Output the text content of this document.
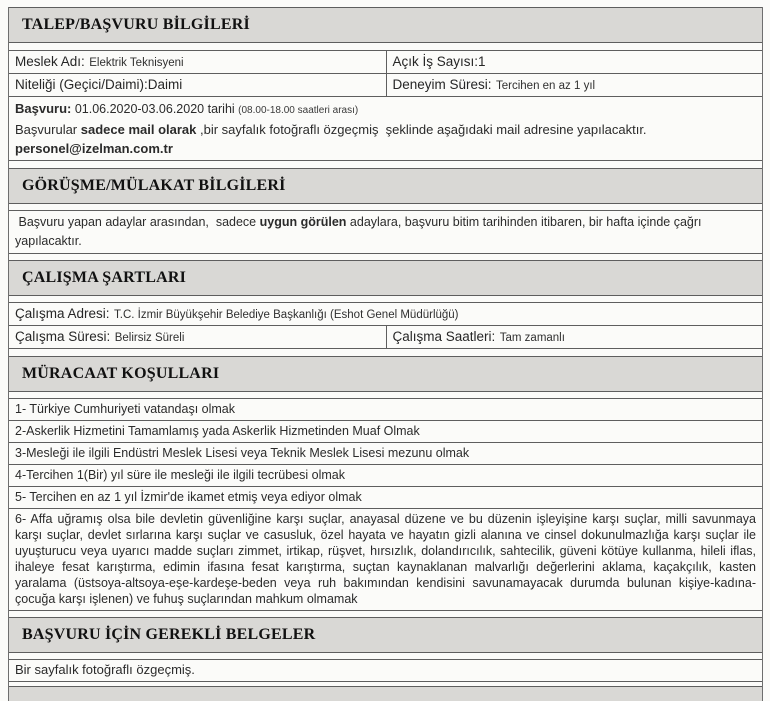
TALEP/BAŞVURU BİLGİLERİ
Meslek Adı: Elektrik Teknisyeni	Açık İş Sayısı:1
Niteliği (Geçici/Daimi):Daimi	Deneyim Süresi: Tercihen en az 1 yıl
Başvuru: 01.06.2020-03.06.2020 tarihi (08.00-18.00 saatleri arası)
Başvurular sadece mail olarak ,bir sayfalık fotoğraflı özgeçmiş  şeklinde aşağıdaki mail adresine yapılacaktır.
personel@izelman.com.tr
GÖRÜŞME/MÜLAKAT BİLGİLERİ
Başvuru yapan adaylar arasından,  sadece uygun görülen adaylara, başvuru bitim tarihinden itibaren, bir hafta içinde çağrı yapılacaktır.
ÇALIŞMA ŞARTLARI
Çalışma Adresi: T.C. İzmir Büyükşehir Belediye Başkanlığı (Eshot Genel Müdürlüğü)
Çalışma Süresi: Belirsiz Süreli	Çalışma Saatleri: Tam zamanlı
MÜRACAAT KOŞULLARI
1- Türkiye Cumhuriyeti vatandaşı olmak
2-Askerlik Hizmetini Tamamlamış yada Askerlik Hizmetinden Muaf Olmak
3-Mesleği ile ilgili Endüstri Meslek Lisesi veya Teknik Meslek Lisesi mezunu olmak
4-Tercihen 1(Bir) yıl süre ile mesleği ile ilgili tecrübesi olmak
5- Tercihen en az 1 yıl İzmir'de ikamet etmiş veya ediyor olmak
6- Affa uğramış olsa bile devletin güvenliğine karşı suçlar, anayasal düzene ve bu düzenin işleyişine karşı suçlar, milli savunmaya karşı suçlar, devlet sırlarına karşı suçlar ve casusluk, özel hayata ve hayatın gizli alanına ve cinsel dokunulmazlığa karşı suçlar ile uyuşturucu veya uyarıcı madde suçları zimmet, irtikap, rüşvet, hırsızlık, dolandırıcılık, sahtecilik, güveni kötüye kullanma, hileli iflas, ihaleye fesat karıştırma, edimin ifasına fesat karıştırma, suçtan kaynaklanan malvarlığı değerlerini aklama, kaçakçılık, kasten yaralama (üstsoya-altsoya-eşe-kardeşe-beden veya ruh bakımından kendisini savunamayacak durumda bulunan kişiye-kadına-çocuğa karşı işlenen) ve fuhuş suçlarından mahkum olmamak
BAŞVURU İÇİN GEREKLİ BELGELER
Bir sayfalık fotoğraflı özgeçmiş.
